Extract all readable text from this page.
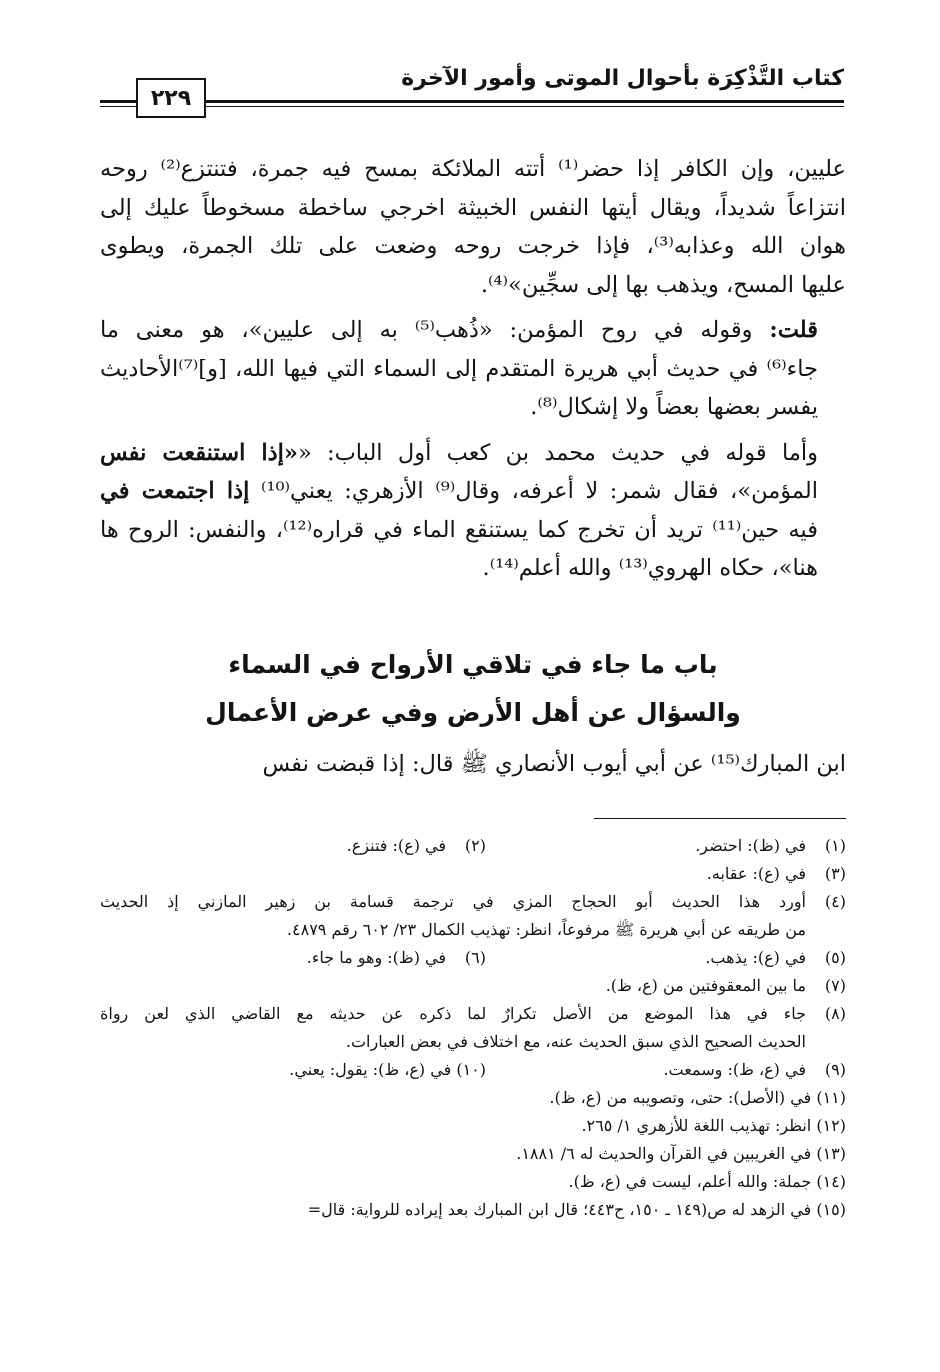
كتاب التَّذْكِرَة بأحوال الموتى وأمور الآخرة
٢٢٩

عليين، وإن الكافر إذا حضر⁽¹⁾ أتته الملائكة بمسح فيه جمرة، فتنتزع⁽²⁾ روحه
انتزاعاً شديداً، ويقال أيتها النفس الخبيثة اخرجي ساخطة مسخوطاً عليك إلى
هوان الله وعذابه⁽³⁾، فإذا خرجت روحه وضعت على تلك الجمرة، ويطوى
عليها المسح، ويذهب بها إلى سجِّين»⁽⁴⁾.

قلت: وقوله في روح المؤمن: «ذُهب⁽⁵⁾ به إلى عليين»، هو معنى ما
جاء⁽⁶⁾ في حديث أبي هريرة المتقدم إلى السماء التي فيها الله، [و]⁽⁷⁾الأحاديث
يفسر بعضها بعضاً ولا إشكال⁽⁸⁾.

وأما قوله في حديث محمد بن كعب أول الباب: ««إذا استنقعت نفس
المؤمن»، فقال شمر: لا أعرفه، وقال⁽⁹⁾ الأزهري: يعني⁽¹⁰⁾ إذا اجتمعت في
فيه حين⁽¹¹⁾ تريد أن تخرج كما يستنقع الماء في قراره⁽¹²⁾، والنفس: الروح ها
هنا»، حكاه الهروي⁽¹³⁾ والله أعلم⁽¹⁴⁾.

باب ما جاء في تلاقي الأرواح في السماء
والسؤال عن أهل الأرض وفي عرض الأعمال
ابن المبارك⁽¹⁵⁾ عن أبي أيوب الأنصاري ﷺ قال: إذا قبضت نفس
(١)
في (ظ): احتضر.
(٢)
في (ع): فتنزع.
(٣)
في (ع): عقابه.
(٤)
أورد هذا الحديث أبو الحجاج المزي في ترجمة قسامة بن زهير المازني إذ الحديث
من طريقه عن أبي هريرة ﷺ مرفوعاً، انظر: تهذيب الكمال ٢٣/ ٦٠٢ رقم ٤٨٧٩.
(٥)
في (ع): يذهب.
(٦)
في (ظ): وهو ما جاء.
(٧)
ما بين المعقوفتين من (ع، ظ).
(٨)
جاء في هذا الموضع من الأصل تكرارٌ لما ذكره عن حديثه مع القاضي الذي لعن رواة
الحديث الصحيح الذي سبق الحديث عنه، مع اختلاف في بعض العبارات.
(٩)
في (ع، ظ): وسمعت.
(١٠) في (ع، ظ): يقول: يعني.
(١١) في (الأصل): حتى، وتصويبه من (ع، ظ).
(١٢) انظر: تهذيب اللغة للأزهري ١/ ٢٦٥.
(١٣) في الغريبين في القرآن والحديث له ٦/ ١٨٨١.
(١٤) جملة: والله أعلم، ليست في (ع، ظ).
(١٥) في الزهد له ص(١٤٩ ـ ١٥٠، ح٤٤٣؛ قال ابن المبارك بعد إيراده للرواية: قال=
